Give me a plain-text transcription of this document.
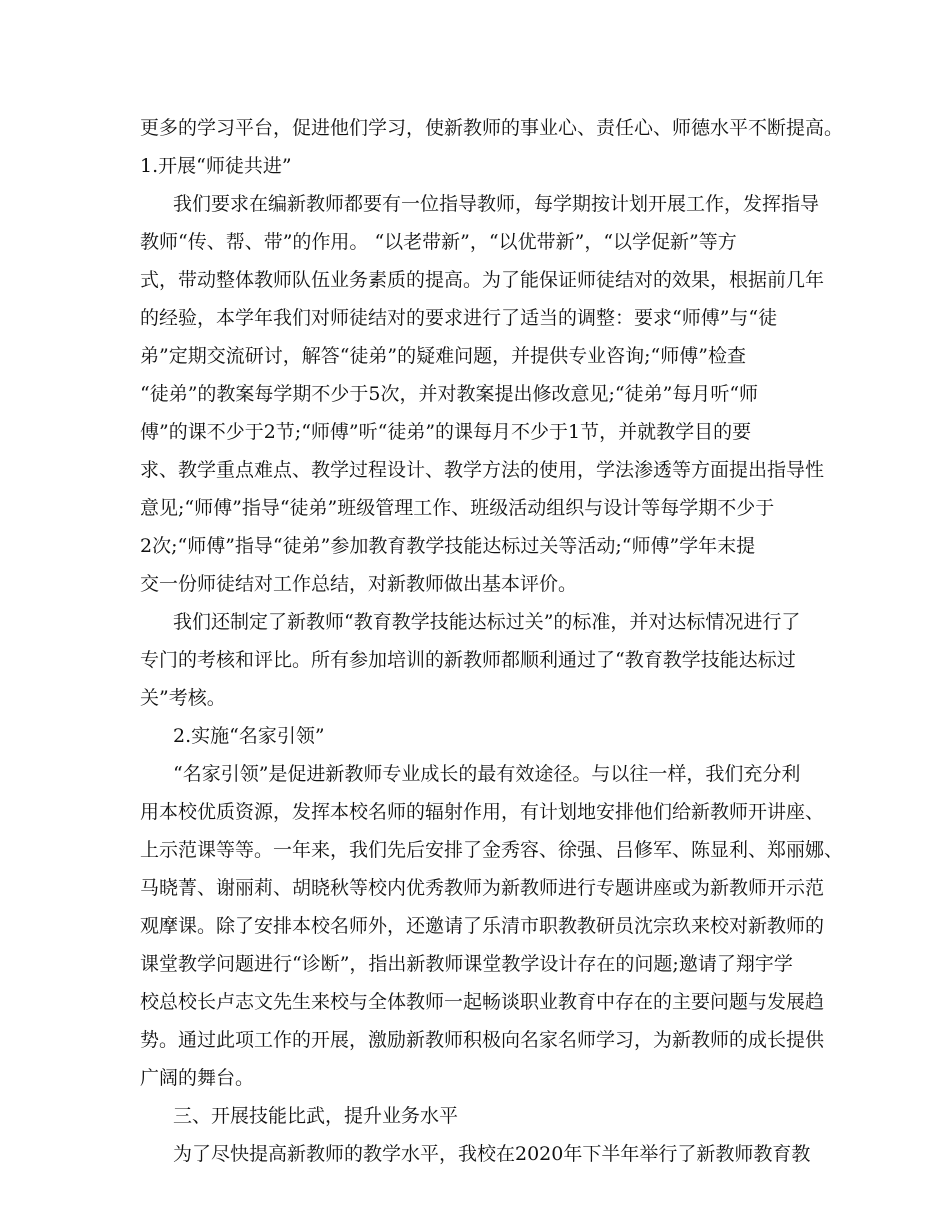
更多的学习平台，促进他们学习，使新教师的事业心、责任心、师德水平不断提高。
1.开展“师徒共进”
我们要求在编新教师都要有一位指导教师，每学期按计划开展工作，发挥指导
教师“传、帮、带”的作用。 “以老带新”，“以优带新”，“以学促新”等方
式，带动整体教师队伍业务素质的提高。为了能保证师徒结对的效果，根据前几年
的经验，本学年我们对师徒结对的要求进行了适当的调整：要求“师傅”与“徒
弟”定期交流研讨，解答“徒弟”的疑难问题，并提供专业咨询;“师傅”检查
“徒弟”的教案每学期不少于5次，并对教案提出修改意见;“徒弟”每月听“师
傅”的课不少于2节;“师傅”听“徒弟”的课每月不少于1节，并就教学目的要
求、教学重点难点、教学过程设计、教学方法的使用，学法渗透等方面提出指导性
意见;“师傅”指导“徒弟”班级管理工作、班级活动组织与设计等每学期不少于
2次;“师傅”指导“徒弟”参加教育教学技能达标过关等活动;“师傅”学年末提
交一份师徒结对工作总结，对新教师做出基本评价。
我们还制定了新教师“教育教学技能达标过关”的标准，并对达标情况进行了
专门的考核和评比。所有参加培训的新教师都顺利通过了“教育教学技能达标过
关”考核。
2.实施“名家引领”
“名家引领”是促进新教师专业成长的最有效途径。与以往一样，我们充分利
用本校优质资源，发挥本校名师的辐射作用，有计划地安排他们给新教师开讲座、
上示范课等等。一年来，我们先后安排了金秀容、徐强、吕修军、陈显利、郑丽娜、
马晓菁、谢丽莉、胡晓秋等校内优秀教师为新教师进行专题讲座或为新教师开示范
观摩课。除了安排本校名师外，还邀请了乐清市职教教研员沈宗玖来校对新教师的
课堂教学问题进行“诊断”，指出新教师课堂教学设计存在的问题;邀请了翔宇学
校总校长卢志文先生来校与全体教师一起畅谈职业教育中存在的主要问题与发展趋
势。通过此项工作的开展，激励新教师积极向名家名师学习，为新教师的成长提供
广阔的舞台。
三、开展技能比武，提升业务水平
为了尽快提高新教师的教学水平，我校在2020年下半年举行了新教师教育教
